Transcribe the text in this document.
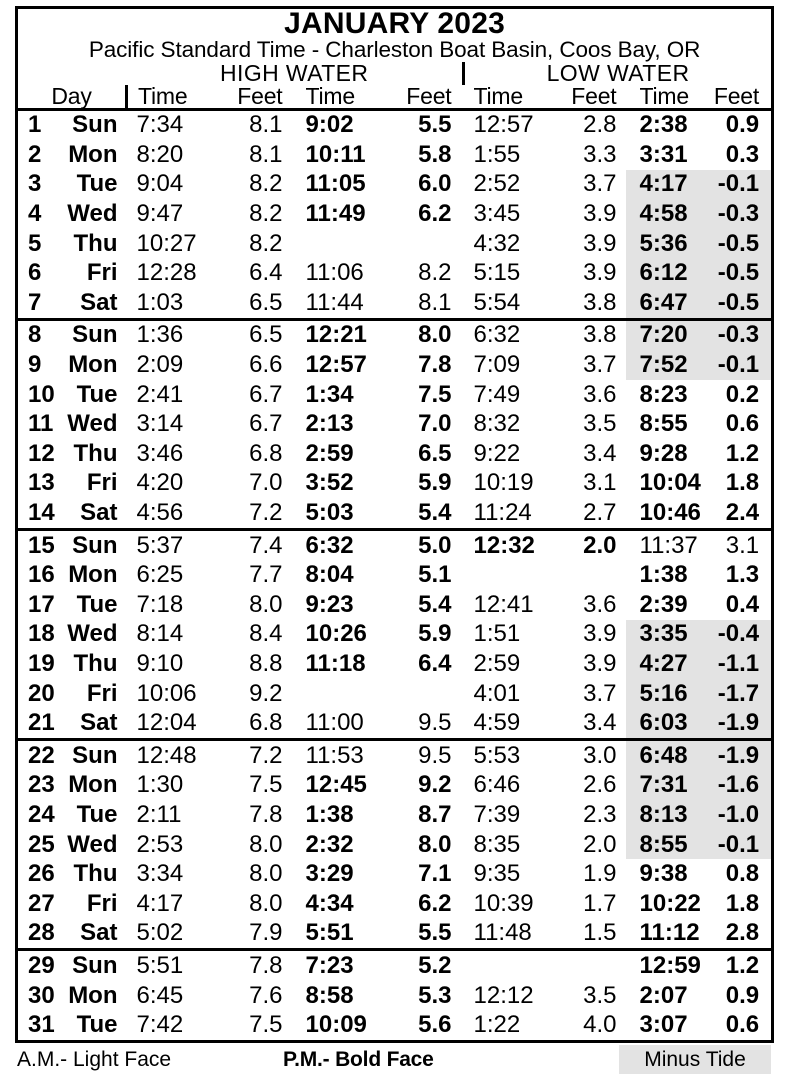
JANUARY 2023									
Pacific Standard Time - Charleston Boat Basin, Coos Bay, OR									
		HIGH WATER				LOW WATER			
Day		Time	Feet	Time	Feet	Time	Feet	Time	Feet
1	Sun	7:34	8.1	9:02	5.5	12:57	2.8	2:38	0.9
2	Mon	8:20	8.1	10:11	5.8	1:55	3.3	3:31	0.3
3	Tue	9:04	8.2	11:05	6.0	2:52	3.7	4:17	-0.1
4	Wed	9:47	8.2	11:49	6.2	3:45	3.9	4:58	-0.3
5	Thu	10:27	8.2			4:32	3.9	5:36	-0.5
6	Fri	12:28	6.4	11:06	8.2	5:15	3.9	6:12	-0.5
7	Sat	1:03	6.5	11:44	8.1	5:54	3.8	6:47	-0.5
8	Sun	1:36	6.5	12:21	8.0	6:32	3.8	7:20	-0.3
9	Mon	2:09	6.6	12:57	7.8	7:09	3.7	7:52	-0.1
10	Tue	2:41	6.7	1:34	7.5	7:49	3.6	8:23	0.2
11	Wed	3:14	6.7	2:13	7.0	8:32	3.5	8:55	0.6
12	Thu	3:46	6.8	2:59	6.5	9:22	3.4	9:28	1.2
13	Fri	4:20	7.0	3:52	5.9	10:19	3.1	10:04	1.8
14	Sat	4:56	7.2	5:03	5.4	11:24	2.7	10:46	2.4
15	Sun	5:37	7.4	6:32	5.0	12:32	2.0	11:37	3.1
16	Mon	6:25	7.7	8:04	5.1			1:38	1.3
17	Tue	7:18	8.0	9:23	5.4	12:41	3.6	2:39	0.4
18	Wed	8:14	8.4	10:26	5.9	1:51	3.9	3:35	-0.4
19	Thu	9:10	8.8	11:18	6.4	2:59	3.9	4:27	-1.1
20	Fri	10:06	9.2			4:01	3.7	5:16	-1.7
21	Sat	12:04	6.8	11:00	9.5	4:59	3.4	6:03	-1.9
22	Sun	12:48	7.2	11:53	9.5	5:53	3.0	6:48	-1.9
23	Mon	1:30	7.5	12:45	9.2	6:46	2.6	7:31	-1.6
24	Tue	2:11	7.8	1:38	8.7	7:39	2.3	8:13	-1.0
25	Wed	2:53	8.0	2:32	8.0	8:35	2.0	8:55	-0.1
26	Thu	3:34	8.0	3:29	7.1	9:35	1.9	9:38	0.8
27	Fri	4:17	8.0	4:34	6.2	10:39	1.7	10:22	1.8
28	Sat	5:02	7.9	5:51	5.5	11:48	1.5	11:12	2.8
29	Sun	5:51	7.8	7:23	5.2			12:59	1.2
30	Mon	6:45	7.6	8:58	5.3	12:12	3.5	2:07	0.9
31	Tue	7:42	7.5	10:09	5.6	1:22	4.0	3:07	0.6
A.M.- Light Face	P.M.- Bold Face	Minus Tide
